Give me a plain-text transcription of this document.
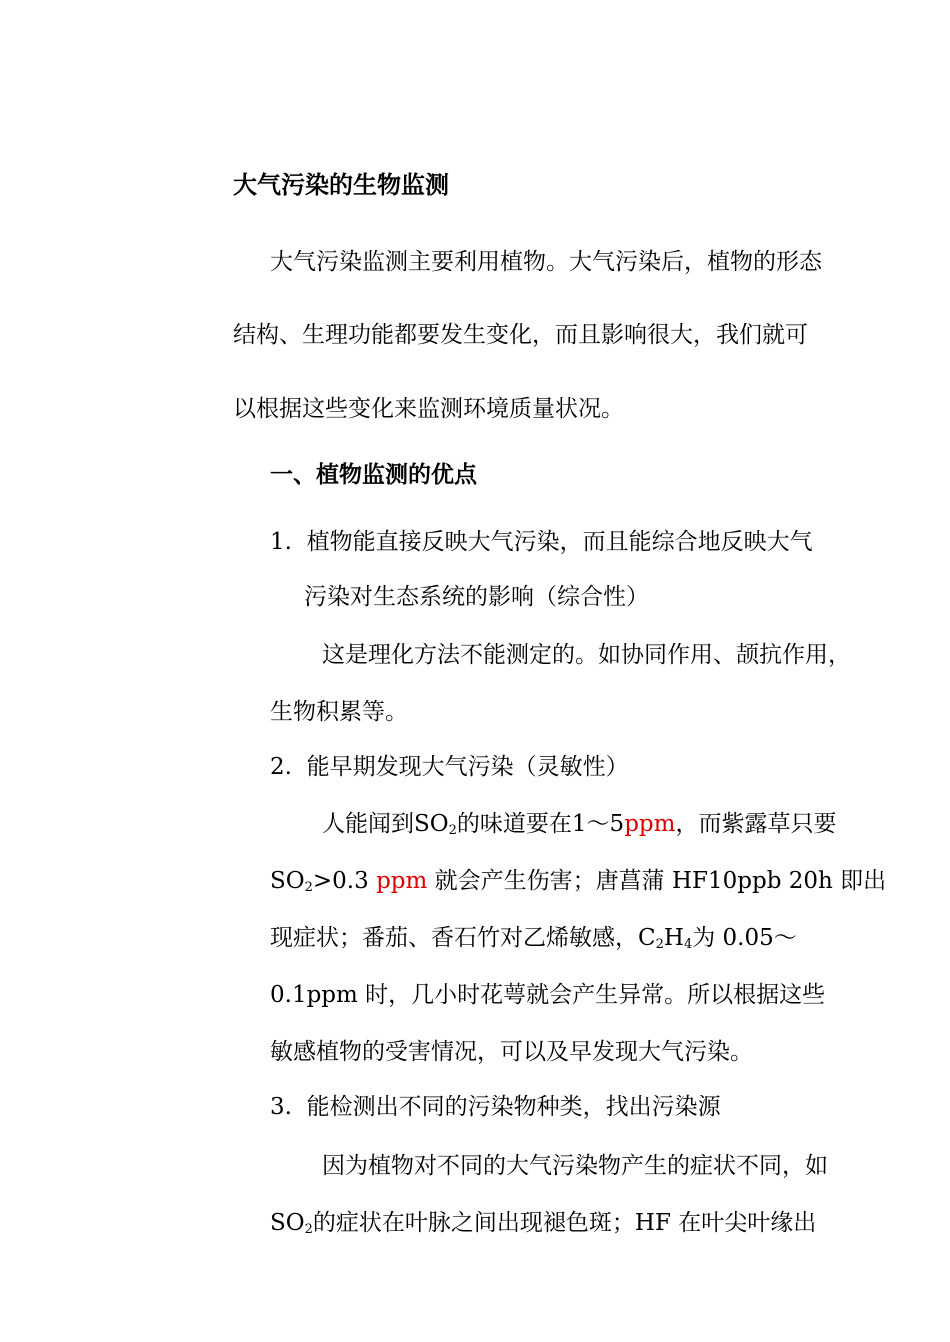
大气污染的生物监测
大气污染监测主要利用植物。大气污染后，植物的形态
结构、生理功能都要发生变化，而且影响很大，我们就可
以根据这些变化来监测环境质量状况。
一、植物监测的优点
1. 植物能直接反映大气污染，而且能综合地反映大气
污染对生态系统的影响（综合性）
这是理化方法不能测定的。如协同作用、颉抗作用，
生物积累等。
2. 能早期发现大气污染（灵敏性）
人能闻到$SO_2$的味道要在1～5ppm，而紫露草只要
$SO_2>0.3$ ppm 就会产生伤害；唐菖蒲 HF10ppb 20h 即出
现症状；番茄、香石竹对乙烯敏感，$C_2H_4$为 0.05～
0.1ppm 时，几小时花萼就会产生异常。所以根据这些
敏感植物的受害情况，可以及早发现大气污染。
3. 能检测出不同的污染物种类，找出污染源
因为植物对不同的大气污染物产生的症状不同，如
$SO_2$的症状在叶脉之间出现褪色斑；HF 在叶尖叶缘出
